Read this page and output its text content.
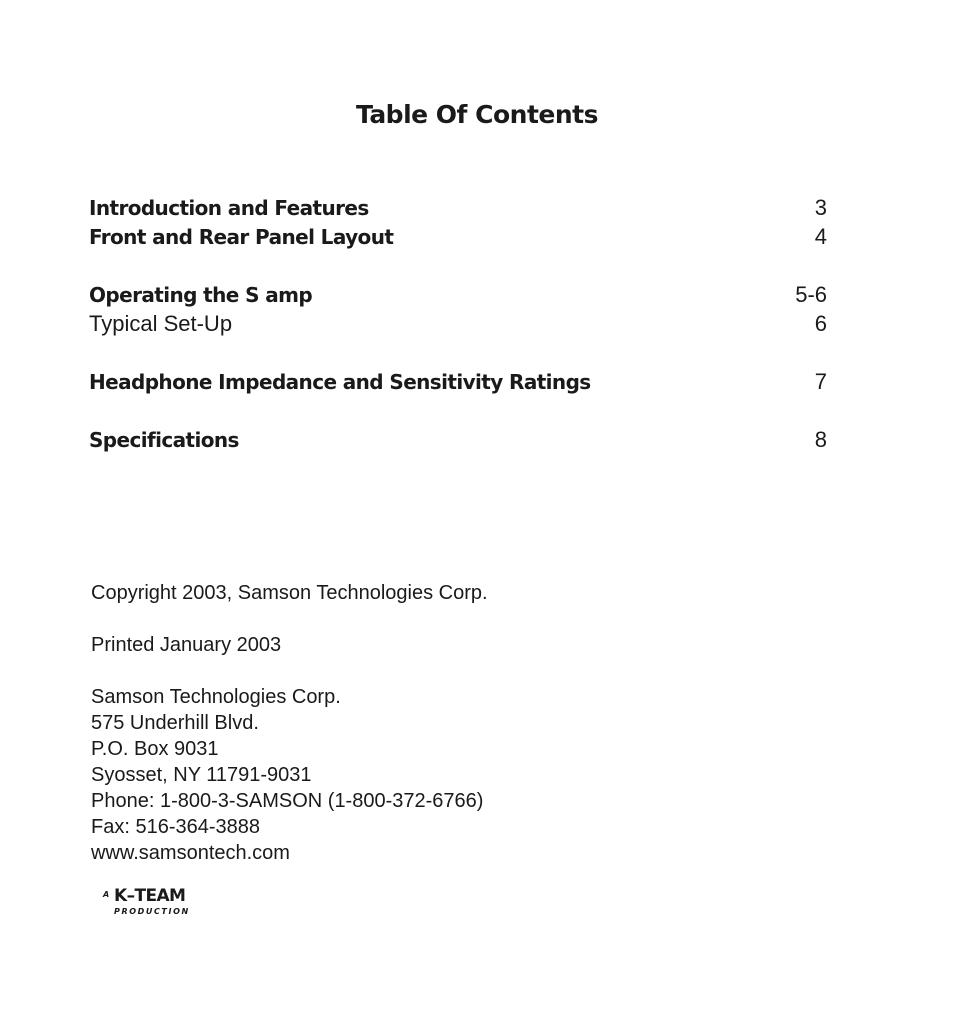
Table Of Contents
Introduction and Features	3
Front and Rear Panel Layout	4
Operating the S amp	5-6
Typical Set-Up	6
Headphone Impedance and Sensitivity Ratings	7
Specifications	8
Copyright 2003, Samson Technologies Corp.
Printed January 2003
Samson Technologies Corp.
575 Underhill Blvd.
P.O. Box 9031
Syosset, NY 11791-9031
Phone: 1-800-3-SAMSON (1-800-372-6766)
Fax: 516-364-3888
www.samsontech.com
A K–TEAM
PRODUCTION
